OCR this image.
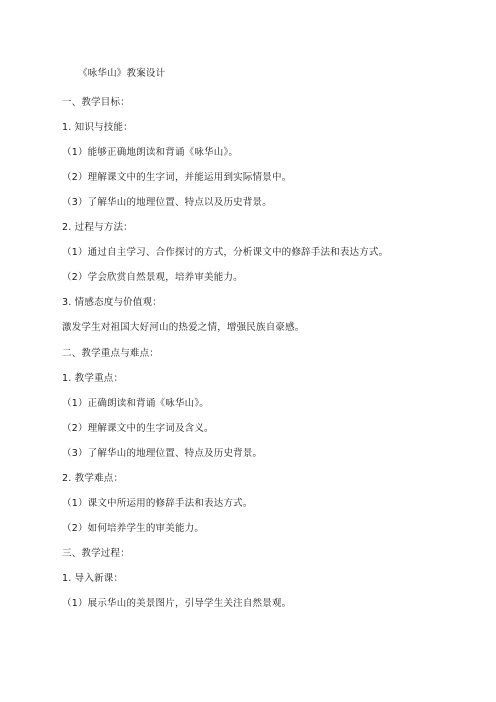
《咏华山》教案设计
一、教学目标：
1. 知识与技能：
（1）能够正确地朗读和背诵《咏华山》。
（2）理解课文中的生字词，并能运用到实际情景中。
（3）了解华山的地理位置、特点以及历史背景。
2. 过程与方法：
（1）通过自主学习、合作探讨的方式，分析课文中的修辞手法和表达方式。
（2）学会欣赏自然景观，培养审美能力。
3. 情感态度与价值观：
激发学生对祖国大好河山的热爱之情，增强民族自豪感。
二、教学重点与难点：
1. 教学重点：
（1）正确朗读和背诵《咏华山》。
（2）理解课文中的生字词及含义。
（3）了解华山的地理位置、特点及历史背景。
2. 教学难点：
（1）课文中所运用的修辞手法和表达方式。
（2）如何培养学生的审美能力。
三、教学过程：
1. 导入新课：
（1）展示华山的美景图片，引导学生关注自然景观。
